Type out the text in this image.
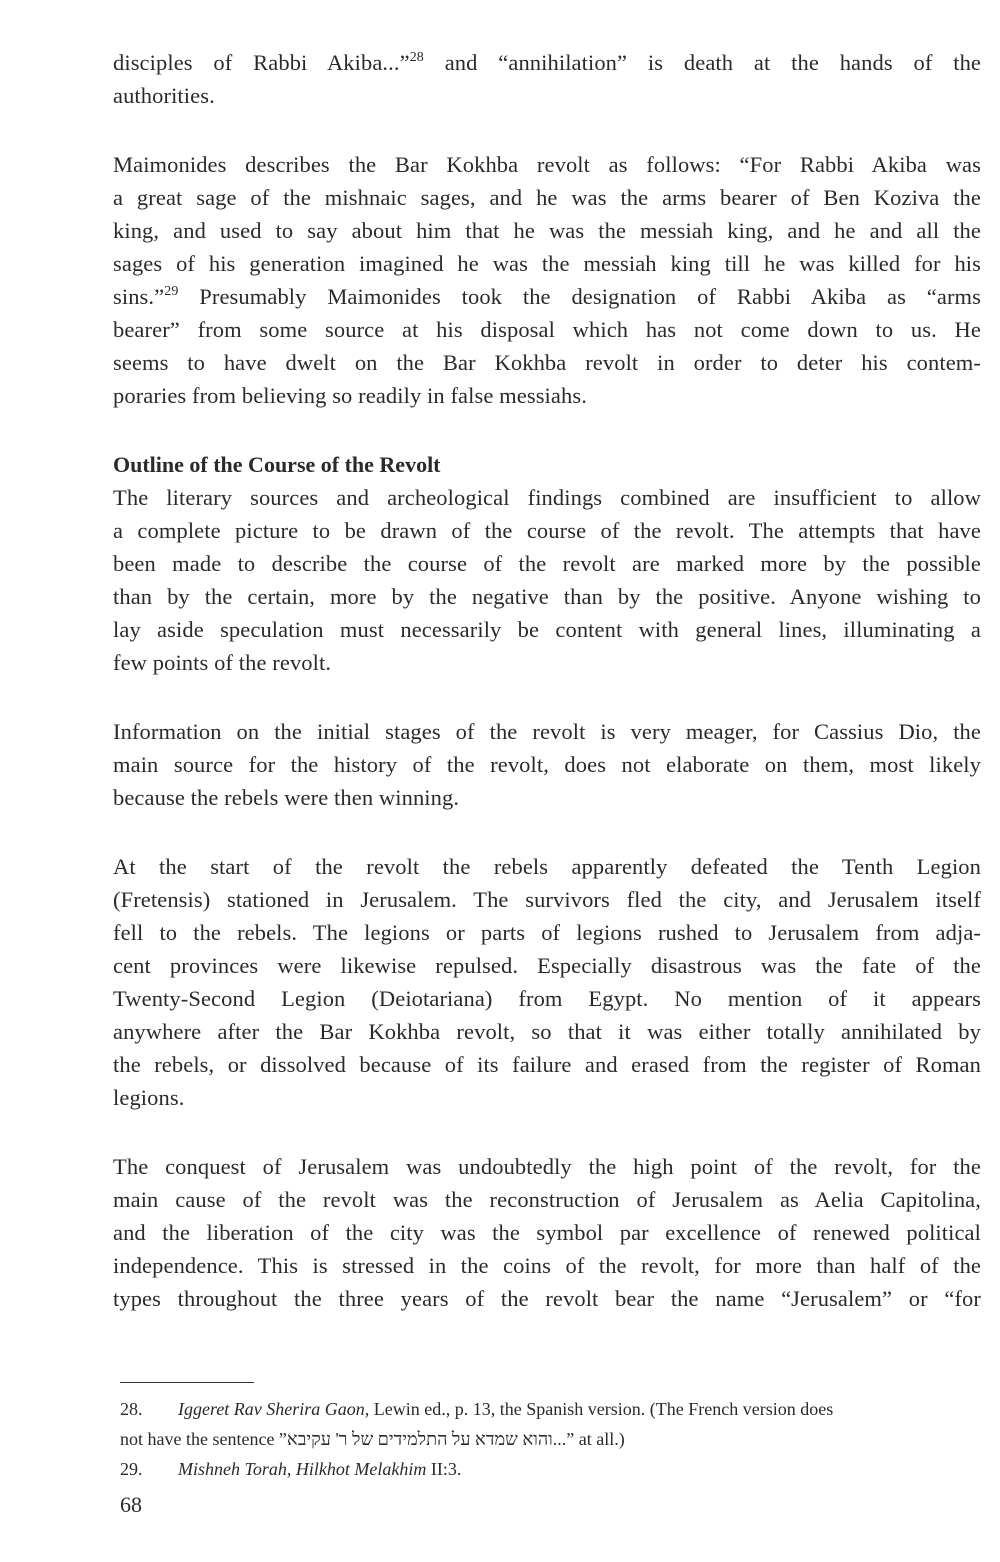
disciples of Rabbi Akiba...”$^{28}$ and “annihilation” is death at the hands of the
authorities.

Maimonides describes the Bar Kokhba revolt as follows: “For Rabbi Akiba was
a great sage of the mishnaic sages, and he was the arms bearer of Ben Koziva the
king, and used to say about him that he was the messiah king, and he and all the
sages of his generation imagined he was the messiah king till he was killed for his
sins.”$^{29}$ Presumably Maimonides took the designation of Rabbi Akiba as “arms
bearer” from some source at his disposal which has not come down to us. He
seems to have dwelt on the Bar Kokhba revolt in order to deter his contem-
poraries from believing so readily in false messiahs.

Outline of the Course of the Revolt

The literary sources and archeological findings combined are insufficient to allow
a complete picture to be drawn of the course of the revolt. The attempts that have
been made to describe the course of the revolt are marked more by the possible
than by the certain, more by the negative than by the positive. Anyone wishing to
lay aside speculation must necessarily be content with general lines, illuminating a
few points of the revolt.

Information on the initial stages of the revolt is very meager, for Cassius Dio, the
main source for the history of the revolt, does not elaborate on them, most likely
because the rebels were then winning.

At the start of the revolt the rebels apparently defeated the Tenth Legion
(Fretensis) stationed in Jerusalem. The survivors fled the city, and Jerusalem itself
fell to the rebels. The legions or parts of legions rushed to Jerusalem from adja-
cent provinces were likewise repulsed. Especially disastrous was the fate of the
Twenty-Second Legion (Deiotariana) from Egypt. No mention of it appears
anywhere after the Bar Kokhba revolt, so that it was either totally annihilated by
the rebels, or dissolved because of its failure and erased from the register of Roman
legions.

The conquest of Jerusalem was undoubtedly the high point of the revolt, for the
main cause of the revolt was the reconstruction of Jerusalem as Aelia Capitolina,
and the liberation of the city was the symbol par excellence of renewed political
independence. This is stressed in the coins of the revolt, for more than half of the
types throughout the three years of the revolt bear the name “Jerusalem” or “for

28. Iggeret Rav Sherira Gaon, Lewin ed., p. 13, the Spanish version. (The French version does
not have the sentence ”...והוא שמדא על התלמידים של ר' עקיבא” at all.)
29. Mishneh Torah, Hilkhot Melakhim II:3.
68
